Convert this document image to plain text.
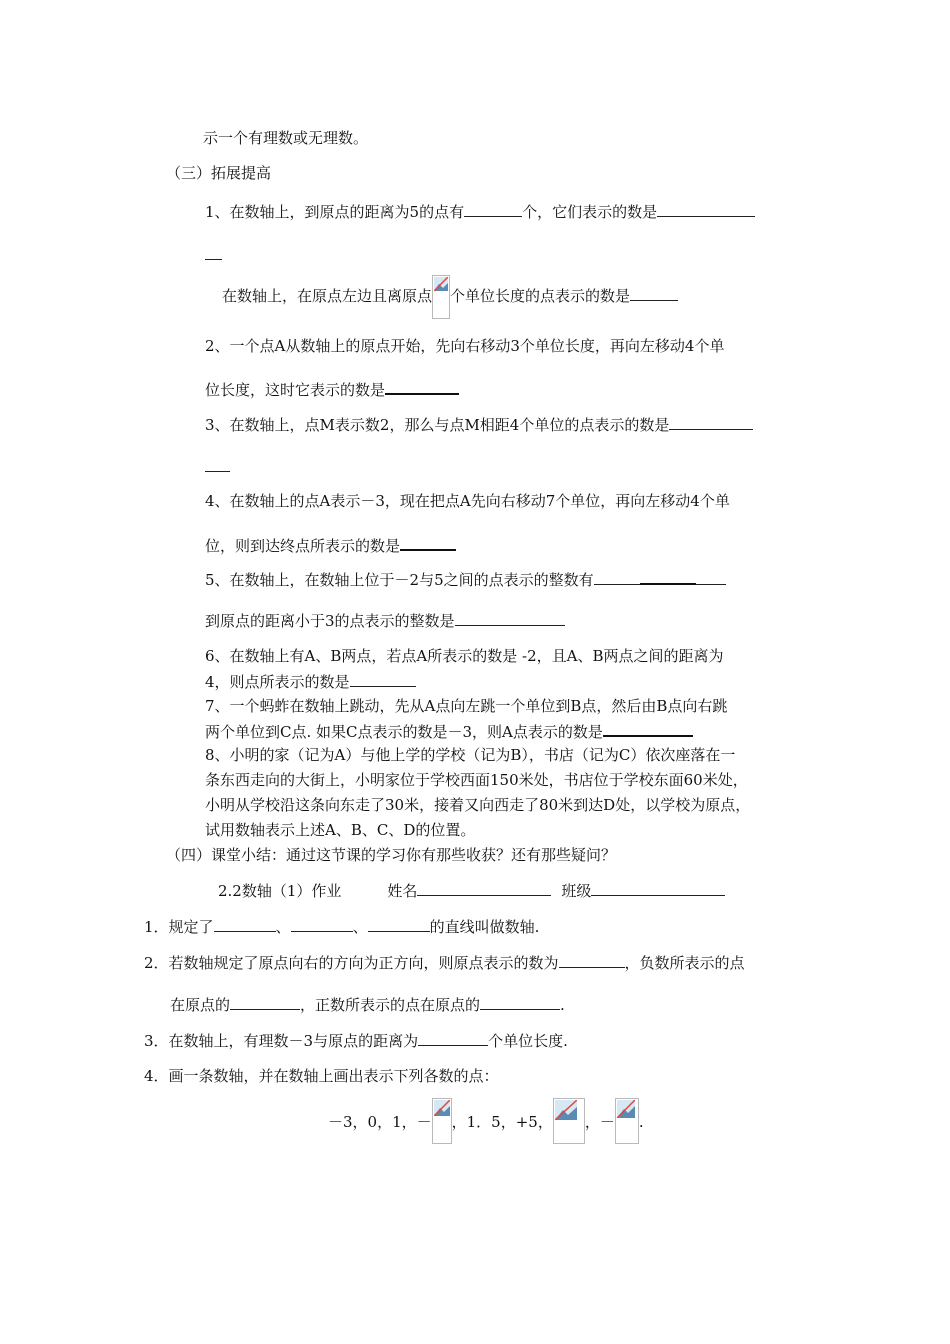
示一个有理数或无理数。
（三）拓展提高
1、在数轴上，到原点的距离为5的点有	个，它们表示的数是
在数轴上，在原点左边且离原点 个单位长度的点表示的数是
2、一个点A从数轴上的原点开始，先向右移动3个单位长度，再向左移动4个单
位长度，这时它表示的数是
3、在数轴上，点M表示数2，那么与点M相距4个单位的点表示的数是
4、在数轴上的点A表示－3，现在把点A先向右移动7个单位，再向左移动4个单
位，则到达终点所表示的数是
5、在数轴上，在数轴上位于－2与5之间的点表示的整数有
到原点的距离小于3的点表示的整数是
6、在数轴上有A、B两点，若点A所表示的数是 -2，且A、B两点之间的距离为
4，则点所表示的数是
7、一个蚂蚱在数轴上跳动，先从A点向左跳一个单位到B点，然后由B点向右跳
两个单位到C点. 如果C点表示的数是－3，则A点表示的数是
8、小明的家（记为A）与他上学的学校（记为B），书店（记为C）依次座落在一
条东西走向的大街上，小明家位于学校西面150米处，书店位于学校东面60米处，
小明从学校沿这条向东走了30米，接着又向西走了80米到达D处，以学校为原点，
试用数轴表示上述A、B、C、D的位置。
（四）课堂小结：通过这节课的学习你有那些收获？还有那些疑问？
2.2数轴（1）作业	姓名	班级
1．规定了	、	、	的直线叫做数轴.
2．若数轴规定了原点向右的方向为正方向，则原点表示的数为	，负数所表示的点
在原点的	，正数所表示的点在原点的	.
3．在数轴上，有理数－3与原点的距离为	个单位长度.
4．画一条数轴，并在数轴上画出表示下列各数的点：
－3，0，1，－ ，1．5，+5， ，－ .
